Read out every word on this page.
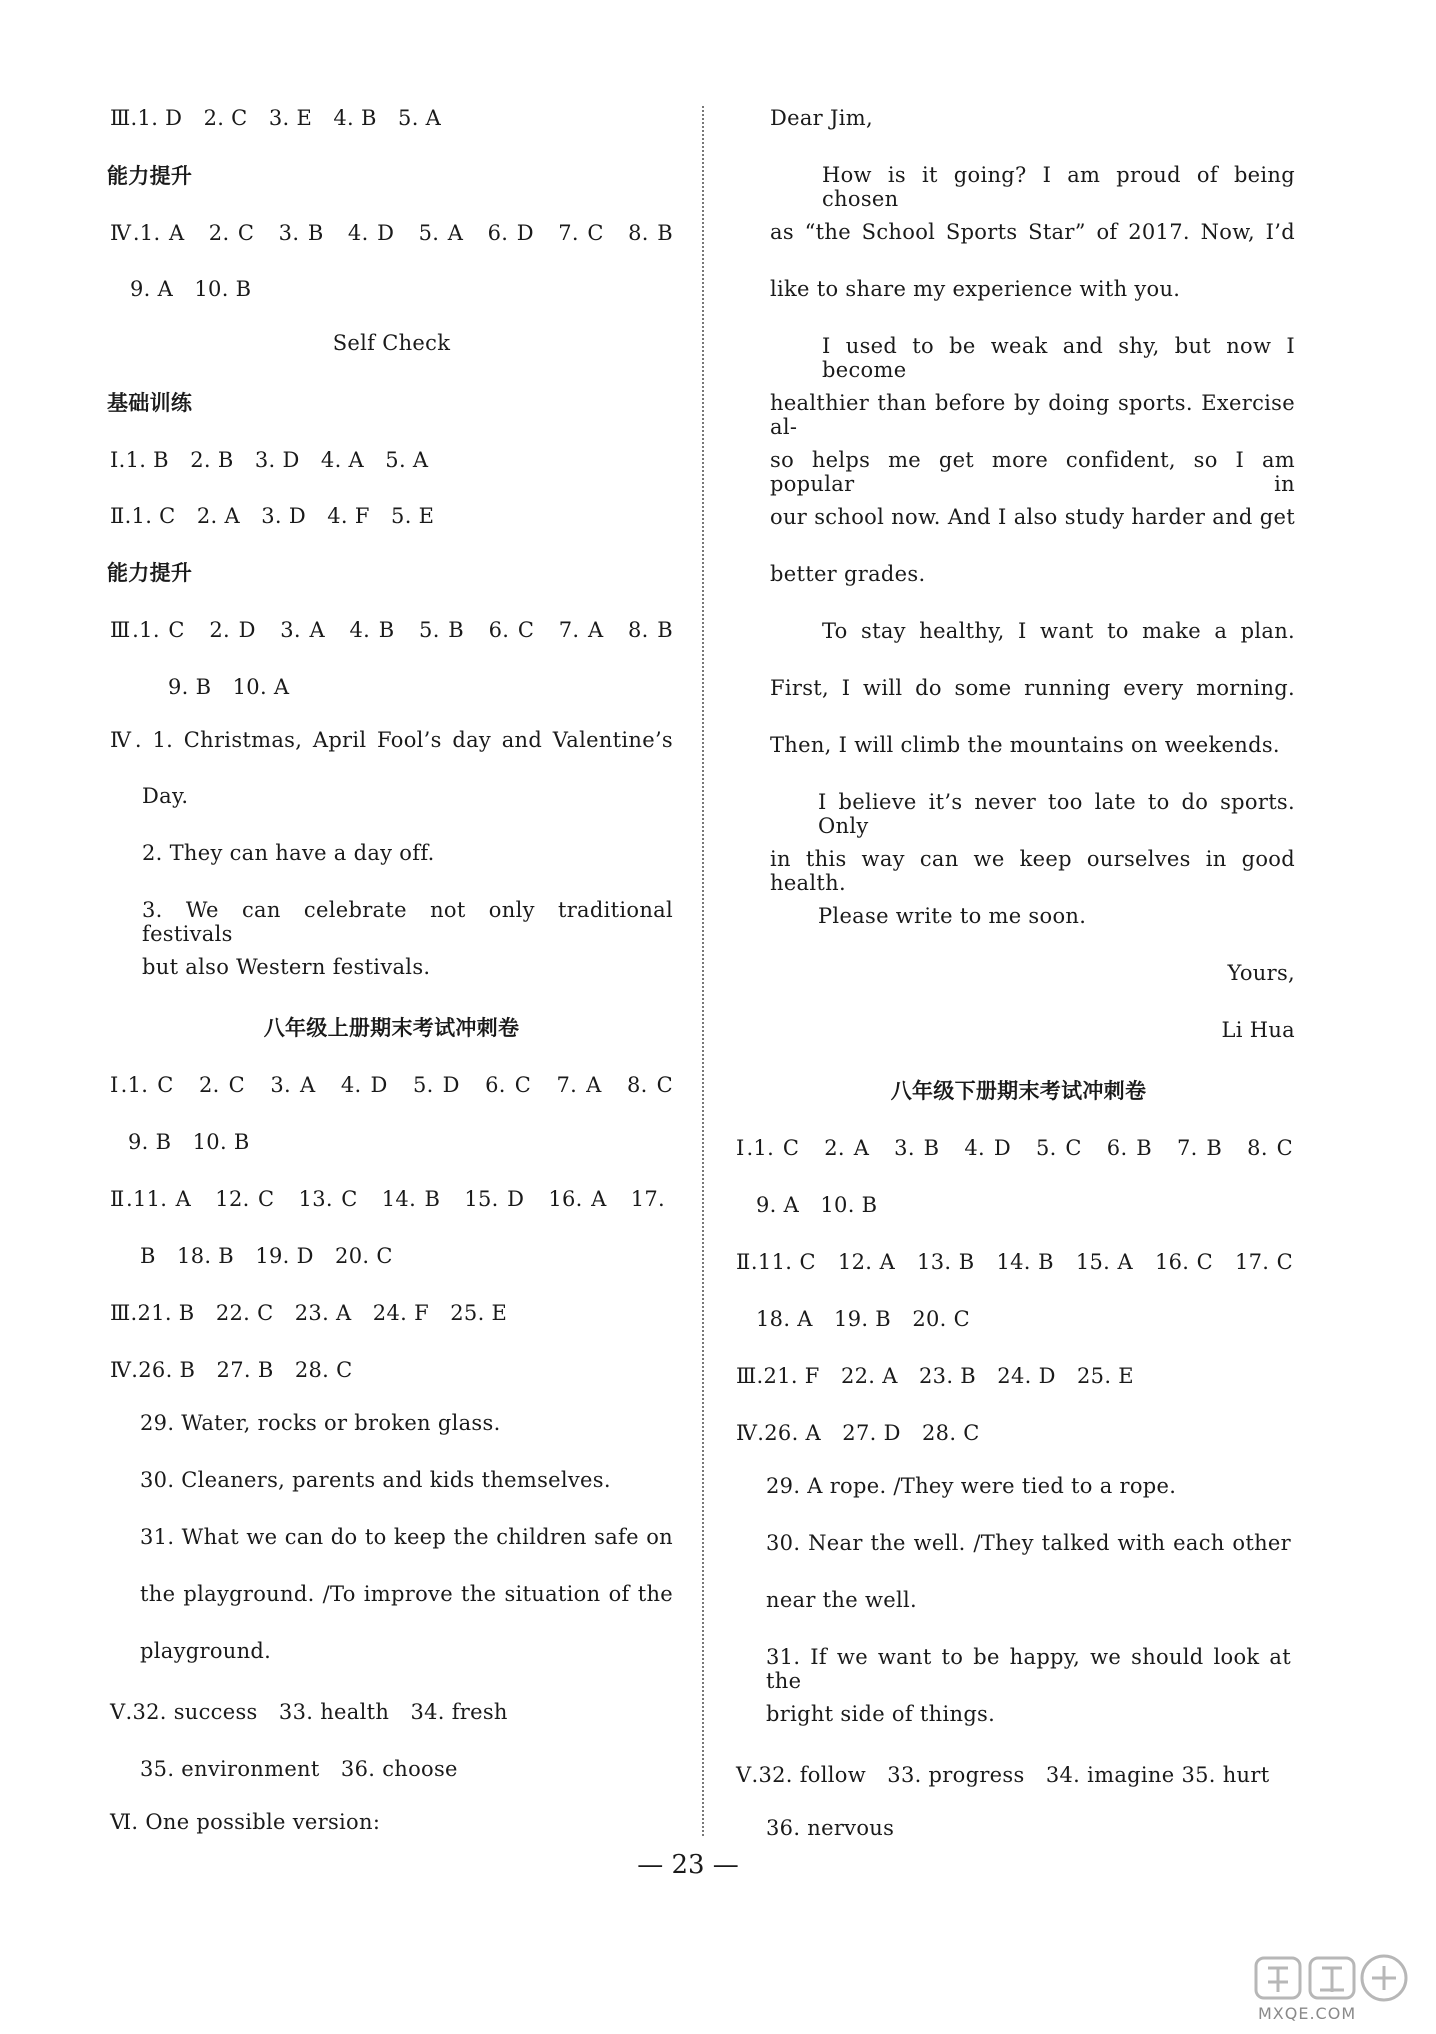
Ⅲ.1. D　2. C　3. E　4. B　5. A
能力提升
Ⅳ.1. A　2. C　3. B　4. D　5. A　6. D　7. C　8. B
9. A　10. B
Self Check
基础训练
Ⅰ.1. B　2. B　3. D　4. A　5. A
Ⅱ.1. C　2. A　3. D　4. F　5. E
能力提升
Ⅲ.1. C　2. D　3. A　4. B　5. B　6. C　7. A　8. B
9. B　10. A
Ⅳ. 1. Christmas, April Fool’s day and Valentine’s
Day.
2. They can have a day off.
3. We can celebrate not only traditional festivals
but also Western festivals.
八年级上册期末考试冲刺卷
Ⅰ.1. C　2. C　3. A　4. D　5. D　6. C　7. A　8. C
9. B　10. B
Ⅱ.11. A　12. C　13. C　14. B　15. D　16. A　17.
B　18. B　19. D　20. C
Ⅲ.21. B　22. C　23. A　24. F　25. E
Ⅳ.26. B　27. B　28. C
29. Water, rocks or broken glass.
30. Cleaners, parents and kids themselves.
31. What we can do to keep the children safe on
the playground. /To improve the situation of the
playground.
Ⅴ.32. success　33. health　34. fresh
35. environment　36. choose
Ⅵ. One possible version:
Dear Jim,
How is it going? I am proud of being chosen
as “the School Sports Star” of 2017. Now, I’d
like to share my experience with you.
I used to be weak and shy, but now I become
healthier than before by doing sports. Exercise al-
so helps me get more confident, so I am popular in
our school now. And I also study harder and get
better grades.
To stay healthy, I want to make a plan.
First, I will do some running every morning.
Then, I will climb the mountains on weekends.
I believe it’s never too late to do sports. Only
in this way can we keep ourselves in good health.
Please write to me soon.
Yours,
Li Hua
八年级下册期末考试冲刺卷
Ⅰ.1. C　2. A　3. B　4. D　5. C　6. B　7. B　8. C
9. A　10. B
Ⅱ.11. C　12. A　13. B　14. B　15. A　16. C　17. C
18. A　19. B　20. C
Ⅲ.21. F　22. A　23. B　24. D　25. E
Ⅳ.26. A　27. D　28. C
29. A rope. /They were tied to a rope.
30. Near the well. /They talked with each other
near the well.
31. If we want to be happy, we should look at the
bright side of things.
Ⅴ.32. follow　33. progress　34. imagine 35. hurt
36. nervous
— 23 —
MXQE.COM
